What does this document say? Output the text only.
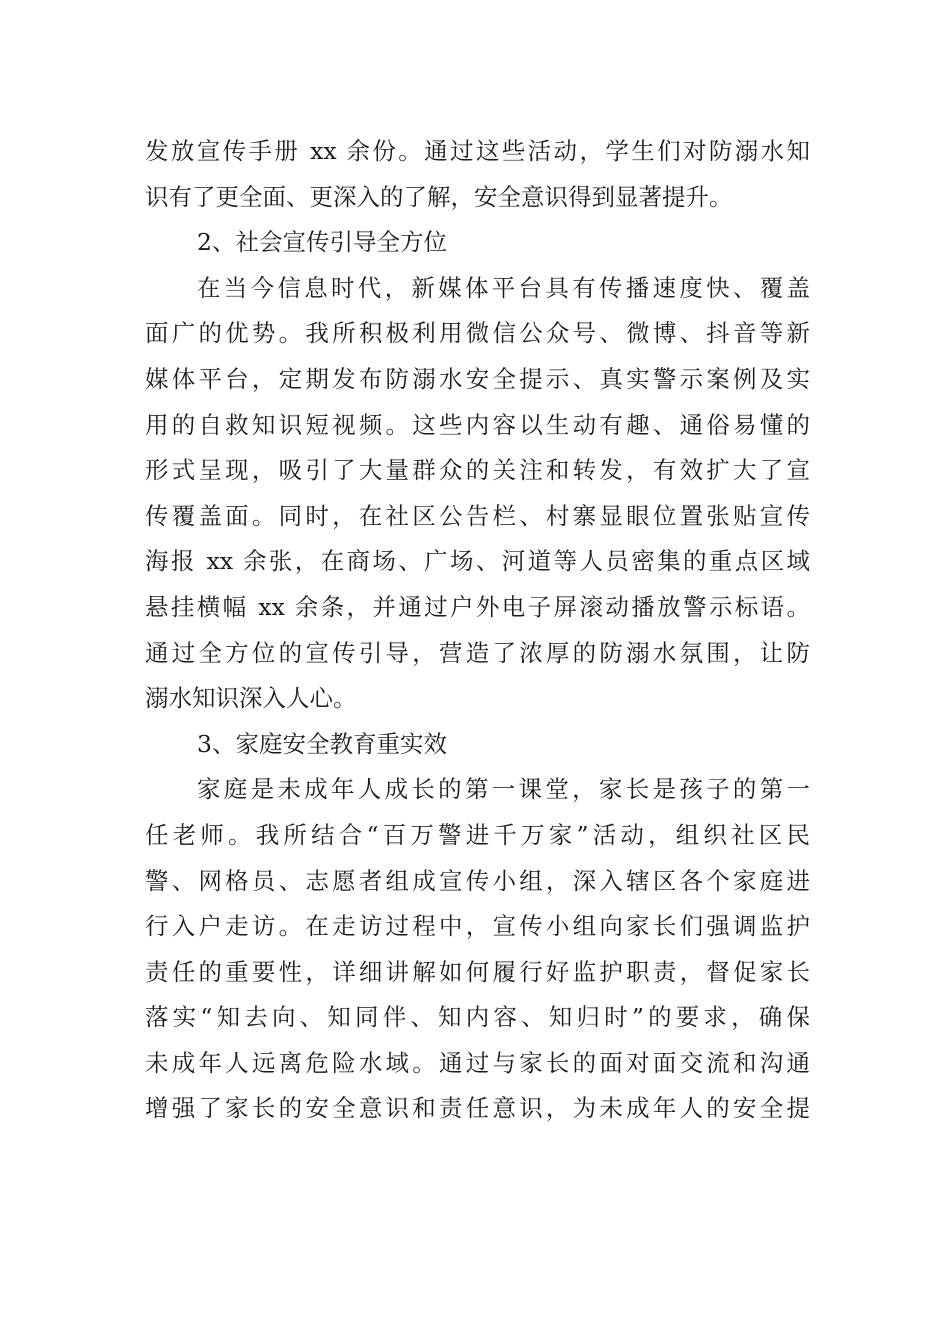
发放宣传手册 xx 余份。通过这些活动，学生们对防溺水知
识有了更全面、更深入的了解，安全意识得到显著提升。
2、社会宣传引导全方位
在当今信息时代，新媒体平台具有传播速度快、覆盖
面广的优势。我所积极利用微信公众号、微博、抖音等新
媒体平台，定期发布防溺水安全提示、真实警示案例及实
用的自救知识短视频。这些内容以生动有趣、通俗易懂的
形式呈现，吸引了大量群众的关注和转发，有效扩大了宣
传覆盖面。同时，在社区公告栏、村寨显眼位置张贴宣传
海报 xx 余张，在商场、广场、河道等人员密集的重点区域
悬挂横幅 xx 余条，并通过户外电子屏滚动播放警示标语。
通过全方位的宣传引导，营造了浓厚的防溺水氛围，让防
溺水知识深入人心。
3、家庭安全教育重实效
家庭是未成年人成长的第一课堂，家长是孩子的第一
任老师。我所结合“百万警进千万家”活动，组织社区民
警、网格员、志愿者组成宣传小组，深入辖区各个家庭进
行入户走访。在走访过程中，宣传小组向家长们强调监护
责任的重要性，详细讲解如何履行好监护职责，督促家长
落实“知去向、知同伴、知内容、知归时”的要求，确保
未成年人远离危险水域。通过与家长的面对面交流和沟通
增强了家长的安全意识和责任意识，为未成年人的安全提
